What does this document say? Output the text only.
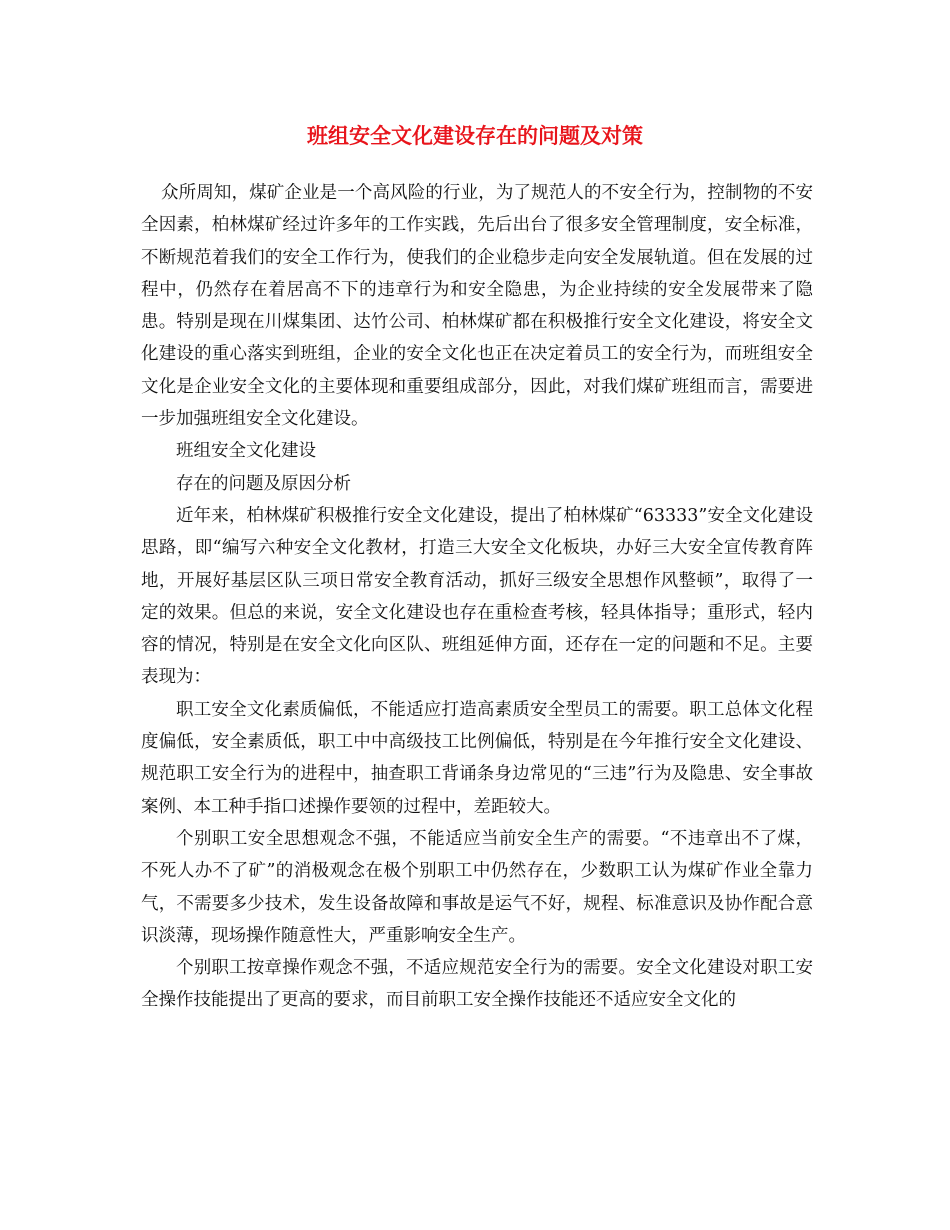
班组安全文化建设存在的问题及对策

众所周知，煤矿企业是一个高风险的行业，为了规范人的不安全行为，控制物的不安全因素，柏林煤矿经过许多年的工作实践，先后出台了很多安全管理制度，安全标准，不断规范着我们的安全工作行为，使我们的企业稳步走向安全发展轨道。但在发展的过程中，仍然存在着居高不下的违章行为和安全隐患，为企业持续的安全发展带来了隐患。特别是现在川煤集团、达竹公司、柏林煤矿都在积极推行安全文化建设，将安全文化建设的重心落实到班组，企业的安全文化也正在决定着员工的安全行为，而班组安全文化是企业安全文化的主要体现和重要组成部分，因此，对我们煤矿班组而言，需要进一步加强班组安全文化建设。

班组安全文化建设

存在的问题及原因分析

近年来，柏林煤矿积极推行安全文化建设，提出了柏林煤矿“63333”安全文化建设思路，即“编写六种安全文化教材，打造三大安全文化板块，办好三大安全宣传教育阵地，开展好基层区队三项日常安全教育活动，抓好三级安全思想作风整顿”，取得了一定的效果。但总的来说，安全文化建设也存在重检查考核，轻具体指导；重形式，轻内容的情况，特别是在安全文化向区队、班组延伸方面，还存在一定的问题和不足。主要表现为：

职工安全文化素质偏低，不能适应打造高素质安全型员工的需要。职工总体文化程度偏低，安全素质低，职工中中高级技工比例偏低，特别是在今年推行安全文化建设、规范职工安全行为的进程中，抽查职工背诵条身边常见的“三违”行为及隐患、安全事故案例、本工种手指口述操作要领的过程中，差距较大。

个别职工安全思想观念不强，不能适应当前安全生产的需要。“不违章出不了煤，不死人办不了矿”的消极观念在极个别职工中仍然存在，少数职工认为煤矿作业全靠力气，不需要多少技术，发生设备故障和事故是运气不好，规程、标准意识及协作配合意识淡薄，现场操作随意性大，严重影响安全生产。

个别职工按章操作观念不强，不适应规范安全行为的需要。安全文化建设对职工安全操作技能提出了更高的要求，而目前职工安全操作技能还不适应安全文化的
